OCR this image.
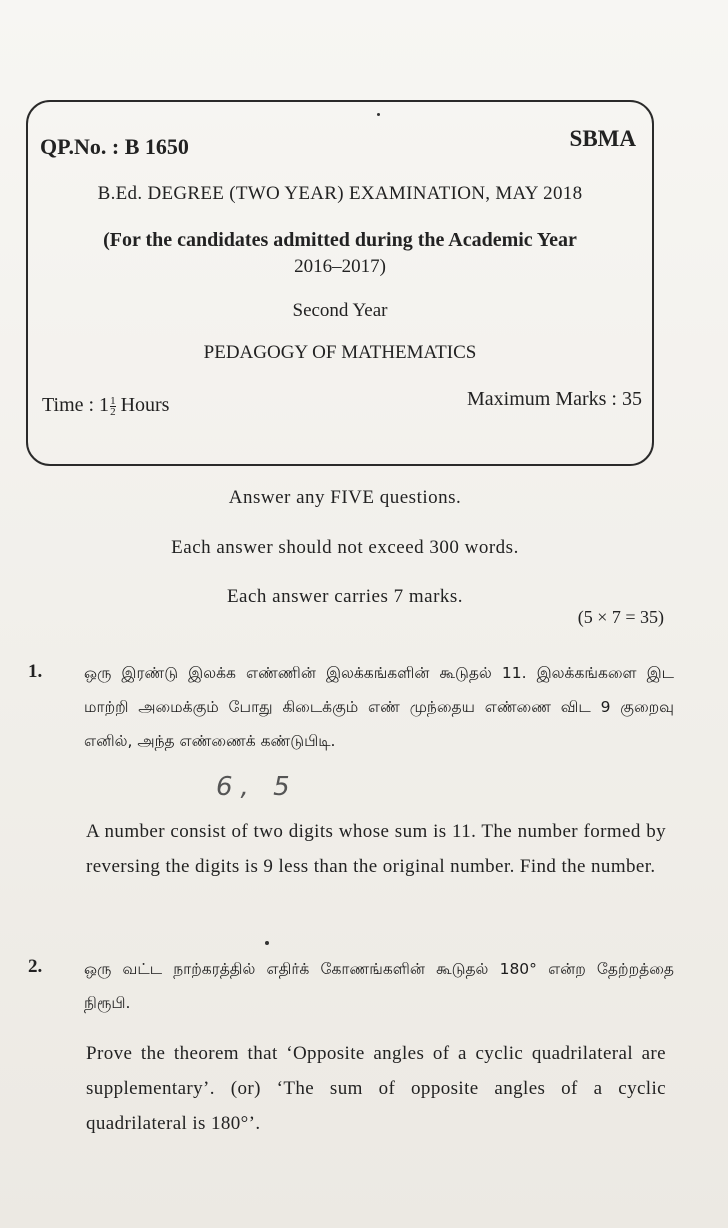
QP.No. : B 1650	SBMA
B.Ed. DEGREE (TWO YEAR) EXAMINATION, MAY 2018
(For the candidates admitted during the Academic Year
2016–2017)
Second Year
PEDAGOGY OF MATHEMATICS
Time : $1 \frac{1}{2}$ Hours	Maximum Marks : 35
Answer any FIVE questions.
Each answer should not exceed 300 words.
Each answer carries 7 marks.
(5 × 7 = 35)
1.	ஒரு இரண்டு இலக்க எண்ணின் இலக்கங்களின் கூடுதல் 11. இலக்கங்களை இட மாற்றி அமைக்கும் போது கிடைக்கும் எண் முந்தைய எண்ணை விட 9 குறைவு எனில், அந்த எண்ணைக் கண்டுபிடி.
6, 5
A number consist of two digits whose sum is 11. The number formed by reversing the digits is 9 less than the original number. Find the number.
2.	ஒரு வட்ட நாற்கரத்தில் எதிர்க் கோணங்களின் கூடுதல் 180° என்ற தேற்றத்தை நிரூபி.
Prove the theorem that ‘Opposite angles of a cyclic quadrilateral are supplementary’. (or) ‘The sum of opposite angles of a cyclic quadrilateral is 180°’.
